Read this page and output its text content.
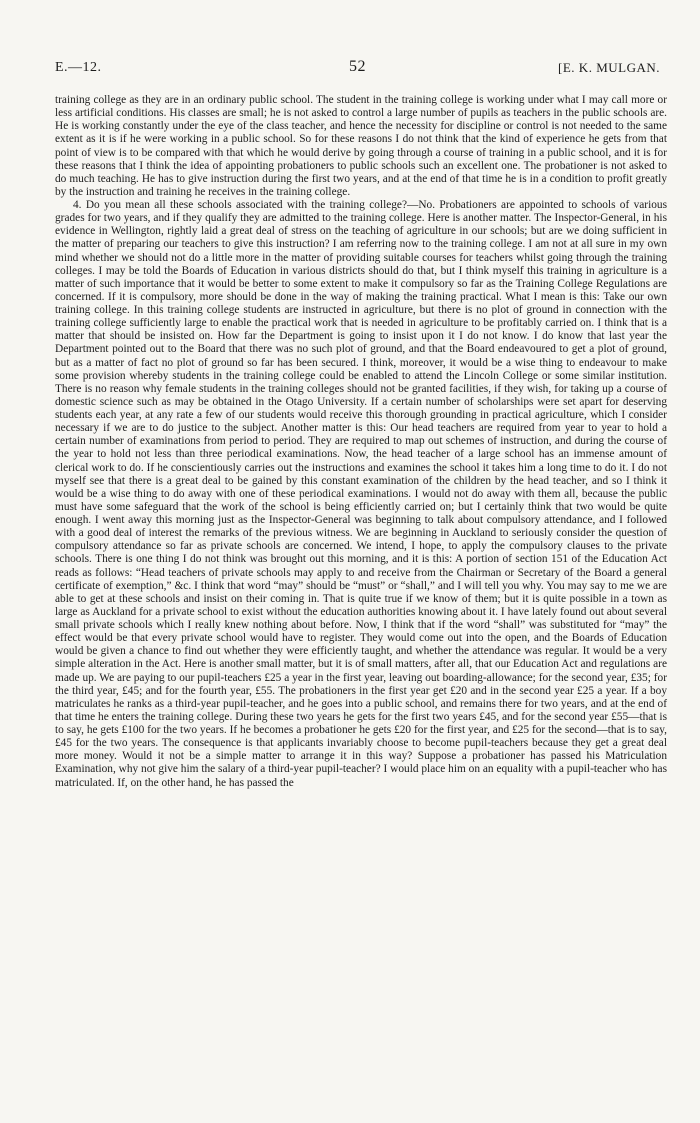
E.—12.	52	[E. K. MULGAN.

training college as they are in an ordinary public school. The student in the training college is working under what I may call more or less artificial conditions. His classes are small; he is not asked to control a large number of pupils as teachers in the public schools are. He is working constantly under the eye of the class teacher, and hence the necessity for discipline or control is not needed to the same extent as it is if he were working in a public school. So for these reasons I do not think that the kind of experience he gets from that point of view is to be compared with that which he would derive by going through a course of training in a public school, and it is for these reasons that I think the idea of appointing probationers to public schools such an excellent one. The probationer is not asked to do much teaching. He has to give instruction during the first two years, and at the end of that time he is in a condition to profit greatly by the instruction and training he receives in the training college.

4. Do you mean all these schools associated with the training college?—No. Probationers are appointed to schools of various grades for two years, and if they qualify they are admitted to the training college. Here is another matter. The Inspector-General, in his evidence in Wellington, rightly laid a great deal of stress on the teaching of agriculture in our schools; but are we doing sufficient in the matter of preparing our teachers to give this instruction? I am referring now to the training college. I am not at all sure in my own mind whether we should not do a little more in the matter of providing suitable courses for teachers whilst going through the training colleges. I may be told the Boards of Education in various districts should do that, but I think myself this training in agriculture is a matter of such importance that it would be better to some extent to make it compulsory so far as the Training College Regulations are concerned. If it is compulsory, more should be done in the way of making the training practical. What I mean is this: Take our own training college. In this training college students are instructed in agriculture, but there is no plot of ground in connection with the training college sufficiently large to enable the practical work that is needed in agriculture to be profitably carried on. I think that is a matter that should be insisted on. How far the Department is going to insist upon it I do not know. I do know that last year the Department pointed out to the Board that there was no such plot of ground, and that the Board endeavoured to get a plot of ground, but as a matter of fact no plot of ground so far has been secured. I think, moreover, it would be a wise thing to endeavour to make some provision whereby students in the training college could be enabled to attend the Lincoln College or some similar institution. There is no reason why female students in the training colleges should not be granted facilities, if they wish, for taking up a course of domestic science such as may be obtained in the Otago University. If a certain number of scholarships were set apart for deserving students each year, at any rate a few of our students would receive this thorough grounding in practical agriculture, which I consider necessary if we are to do justice to the subject. Another matter is this: Our head teachers are required from year to year to hold a certain number of examinations from period to period. They are required to map out schemes of instruction, and during the course of the year to hold not less than three periodical examinations. Now, the head teacher of a large school has an immense amount of clerical work to do. If he conscientiously carries out the instructions and examines the school it takes him a long time to do it. I do not myself see that there is a great deal to be gained by this constant examination of the children by the head teacher, and so I think it would be a wise thing to do away with one of these periodical examinations. I would not do away with them all, because the public must have some safeguard that the work of the school is being efficiently carried on; but I certainly think that two would be quite enough. I went away this morning just as the Inspector-General was beginning to talk about compulsory attendance, and I followed with a good deal of interest the remarks of the previous witness. We are beginning in Auckland to seriously consider the question of compulsory attendance so far as private schools are concerned. We intend, I hope, to apply the compulsory clauses to the private schools. There is one thing I do not think was brought out this morning, and it is this: A portion of section 151 of the Education Act reads as follows: “Head teachers of private schools may apply to and receive from the Chairman or Secretary of the Board a general certificate of exemption,” &c. I think that word “may” should be “must” or “shall,” and I will tell you why. You may say to me we are able to get at these schools and insist on their coming in. That is quite true if we know of them; but it is quite possible in a town as large as Auckland for a private school to exist without the education authorities knowing about it. I have lately found out about several small private schools which I really knew nothing about before. Now, I think that if the word “shall” was substituted for “may” the effect would be that every private school would have to register. They would come out into the open, and the Boards of Education would be given a chance to find out whether they were efficiently taught, and whether the attendance was regular. It would be a very simple alteration in the Act. Here is another small matter, but it is of small matters, after all, that our Education Act and regulations are made up. We are paying to our pupil-teachers £25 a year in the first year, leaving out boarding-allowance; for the second year, £35; for the third year, £45; and for the fourth year, £55. The probationers in the first year get £20 and in the second year £25 a year. If a boy matriculates he ranks as a third-year pupil-teacher, and he goes into a public school, and remains there for two years, and at the end of that time he enters the training college. During these two years he gets for the first two years £45, and for the second year £55—that is to say, he gets £100 for the two years. If he becomes a probationer he gets £20 for the first year, and £25 for the second—that is to say, £45 for the two years. The consequence is that applicants invariably choose to become pupil-teachers because they get a great deal more money. Would it not be a simple matter to arrange it in this way? Suppose a probationer has passed his Matriculation Examination, why not give him the salary of a third-year pupil-teacher? I would place him on an equality with a pupil-teacher who has matriculated. If, on the other hand, he has passed the
